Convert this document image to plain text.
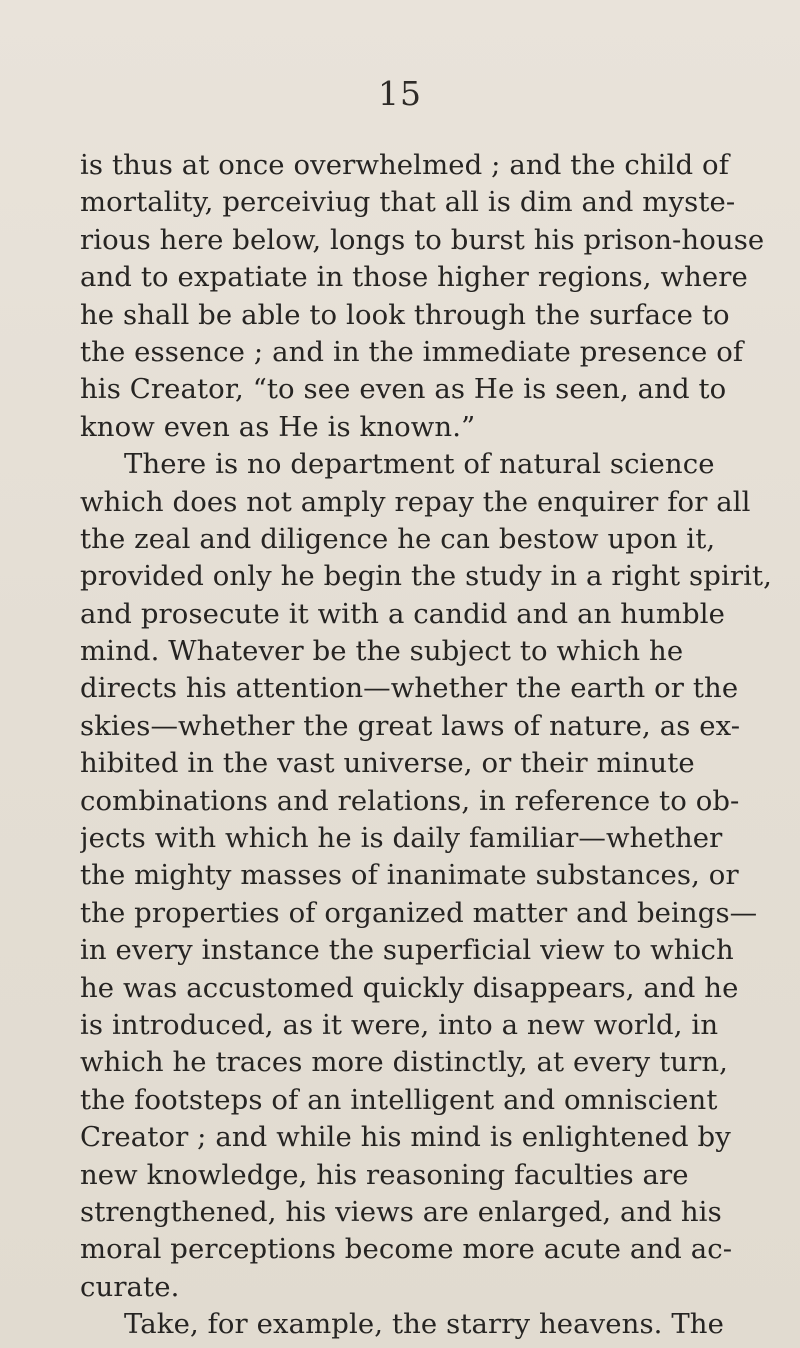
15
is thus at once overwhelmed ; and the child of
mortality, perceiviug that all is dim and myste-
rious here below, longs to burst his prison-house
and to expatiate in those higher regions, where
he shall be able to look through the surface to
the essence ; and in the immediate presence of
his Creator, “to see even as He is seen, and to
know even as He is known.”
There is no department of natural science
which does not amply repay the enquirer for all
the zeal and diligence he can bestow upon it,
provided only he begin the study in a right spirit,
and prosecute it with a candid and an humble
mind. Whatever be the subject to which he
directs his attention—whether the earth or the
skies—whether the great laws of nature, as ex-
hibited in the vast universe, or their minute
combinations and relations, in reference to ob-
jects with which he is daily familiar—whether
the mighty masses of inanimate substances, or
the properties of organized matter and beings—
in every instance the superficial view to which
he was accustomed quickly disappears, and he
is introduced, as it were, into a new world, in
which he traces more distinctly, at every turn,
the footsteps of an intelligent and omniscient
Creator ; and while his mind is enlightened by
new knowledge, his reasoning faculties are
strengthened, his views are enlarged, and his
moral perceptions become more acute and ac-
curate.
Take, for example, the starry heavens. The
